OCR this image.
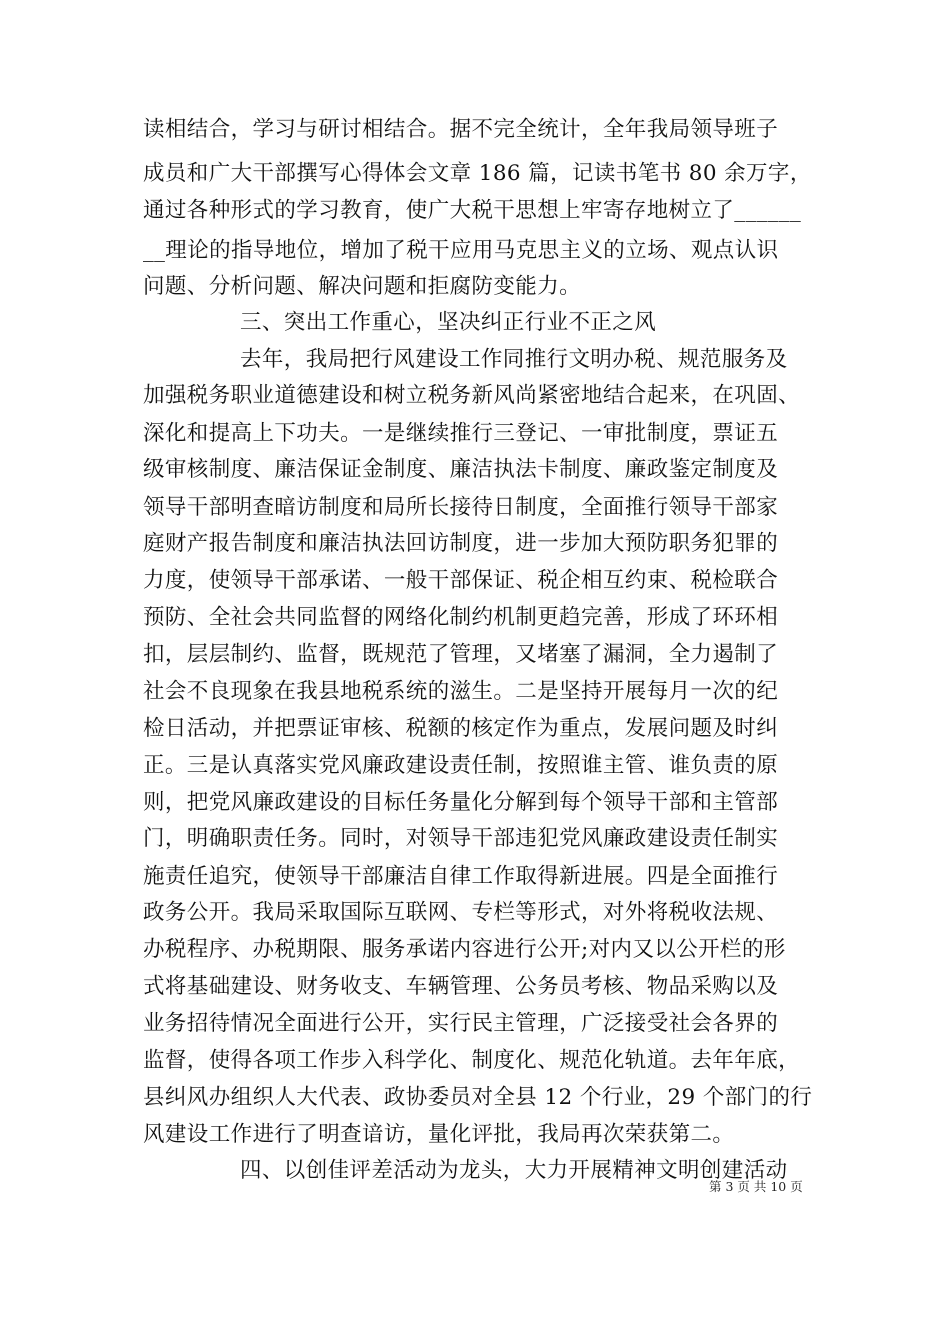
读相结合，学习与研讨相结合。据不完全统计，全年我局领导班子
成员和广大干部撰写心得体会文章 186 篇，记读书笔书 80 余万字，
通过各种形式的学习教育，使广大税干思想上牢寄存地树立了______
__理论的指导地位，增加了税干应用马克思主义的立场、观点认识
问题、分析问题、解决问题和拒腐防变能力。
三、突出工作重心，坚决纠正行业不正之风
去年，我局把行风建设工作同推行文明办税、规范服务及
加强税务职业道德建设和树立税务新风尚紧密地结合起来，在巩固、
深化和提高上下功夫。一是继续推行三登记、一审批制度，票证五
级审核制度、廉洁保证金制度、廉洁执法卡制度、廉政鉴定制度及
领导干部明查暗访制度和局所长接待日制度，全面推行领导干部家
庭财产报告制度和廉洁执法回访制度，进一步加大预防职务犯罪的
力度，使领导干部承诺、一般干部保证、税企相互约束、税检联合
预防、全社会共同监督的网络化制约机制更趋完善，形成了环环相
扣，层层制约、监督，既规范了管理，又堵塞了漏洞，全力遏制了
社会不良现象在我县地税系统的滋生。二是坚持开展每月一次的纪
检日活动，并把票证审核、税额的核定作为重点，发展问题及时纠
正。三是认真落实党风廉政建设责任制，按照谁主管、谁负责的原
则，把党风廉政建设的目标任务量化分解到每个领导干部和主管部
门，明确职责任务。同时，对领导干部违犯党风廉政建设责任制实
施责任追究，使领导干部廉洁自律工作取得新进展。四是全面推行
政务公开。我局采取国际互联网、专栏等形式，对外将税收法规、
办税程序、办税期限、服务承诺内容进行公开;对内又以公开栏的形
式将基础建设、财务收支、车辆管理、公务员考核、物品采购以及
业务招待情况全面进行公开，实行民主管理，广泛接受社会各界的
监督，使得各项工作步入科学化、制度化、规范化轨道。去年年底，
县纠风办组织人大代表、政协委员对全县 12 个行业，29 个部门的行
风建设工作进行了明查谙访，量化评批，我局再次荣获第二。
四、以创佳评差活动为龙头，大力开展精神文明创建活动
第 3 页 共 10 页
